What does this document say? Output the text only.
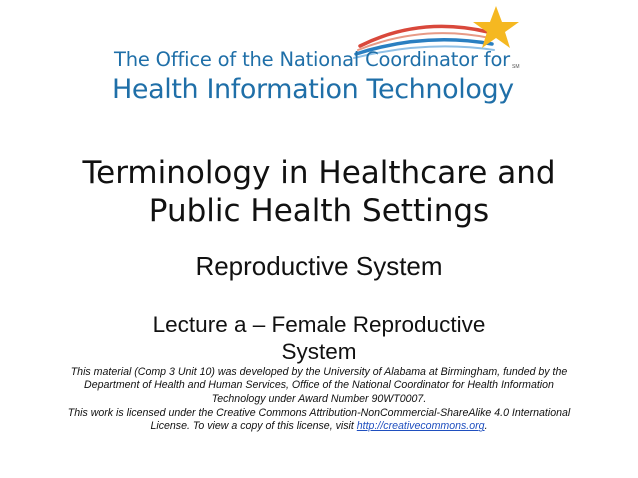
The Office of the National Coordinator for
Health Information Technology
SM
Terminology in Healthcare and
Public Health Settings
Reproductive System
Lecture a – Female Reproductive
System
This material (Comp 3 Unit 10) was developed by the University of Alabama at Birmingham, funded by the Department of Health and Human Services, Office of the National Coordinator for Health Information Technology under Award Number 90WT0007.
This work is licensed under the Creative Commons Attribution-NonCommercial-ShareAlike 4.0 International License. To view a copy of this license, visit http://creativecommons.org.
